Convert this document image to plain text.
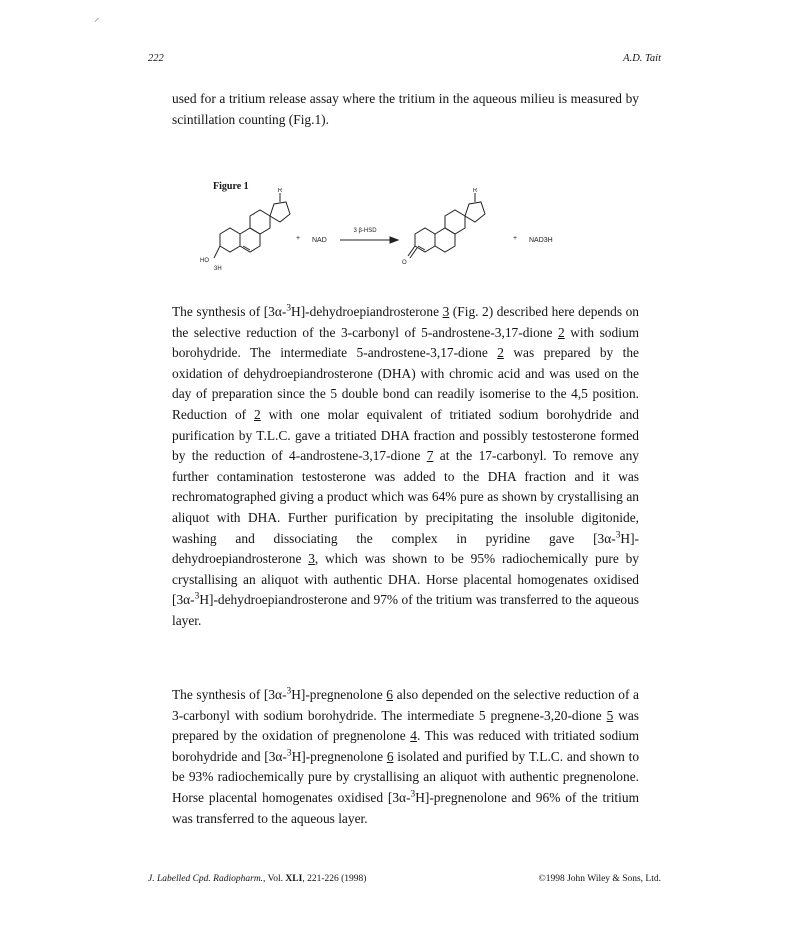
⸝
222	A.D. Tait

used for a tritium release assay where the tritium in the aqueous milieu is measured by scintillation counting (Fig.1).

Figure 1	R
HO
3H
+ NAD
3 β-HSD
R
O
+ NAD3H

The synthesis of [3α-$^3$H]-dehydroepiandrosterone 3 (Fig. 2) described here depends on the selective reduction of the 3-carbonyl of 5-androstene-3,17-dione 2 with sodium borohydride. The intermediate 5-androstene-3,17-dione 2 was prepared by the oxidation of dehydroepiandrosterone (DHA) with chromic acid and was used on the day of preparation since the 5 double bond can readily isomerise to the 4,5 position. Reduction of 2 with one molar equivalent of tritiated sodium borohydride and purification by T.L.C. gave a tritiated DHA fraction and possibly testosterone formed by the reduction of 4-androstene-3,17-dione 7 at the 17-carbonyl. To remove any further contamination testosterone was added to the DHA fraction and it was rechromatographed giving a product which was 64% pure as shown by crystallising an aliquot with DHA. Further purification by precipitating the insoluble digitonide, washing and dissociating the complex in pyridine gave [3α-$^3$H]-dehydroepiandrosterone 3, which was shown to be 95% radiochemically pure by crystallising an aliquot with authentic DHA. Horse placental homogenates oxidised [3α-$^3$H]-dehydroepiandrosterone and 97% of the tritium was transferred to the aqueous layer.

The synthesis of [3α-$^3$H]-pregnenolone 6 also depended on the selective reduction of a 3-carbonyl with sodium borohydride. The intermediate 5 pregnene-3,20-dione 5 was prepared by the oxidation of pregnenolone 4. This was reduced with tritiated sodium borohydride and [3α-$^3$H]-pregnenolone 6 isolated and purified by T.L.C. and shown to be 93% radiochemically pure by crystallising an aliquot with authentic pregnenolone. Horse placental homogenates oxidised [3α-$^3$H]-pregnenolone and 96% of the tritium was transferred to the aqueous layer.

J. Labelled Cpd. Radiopharm., Vol. XLI, 221-226 (1998)	©1998 John Wiley & Sons, Ltd.
